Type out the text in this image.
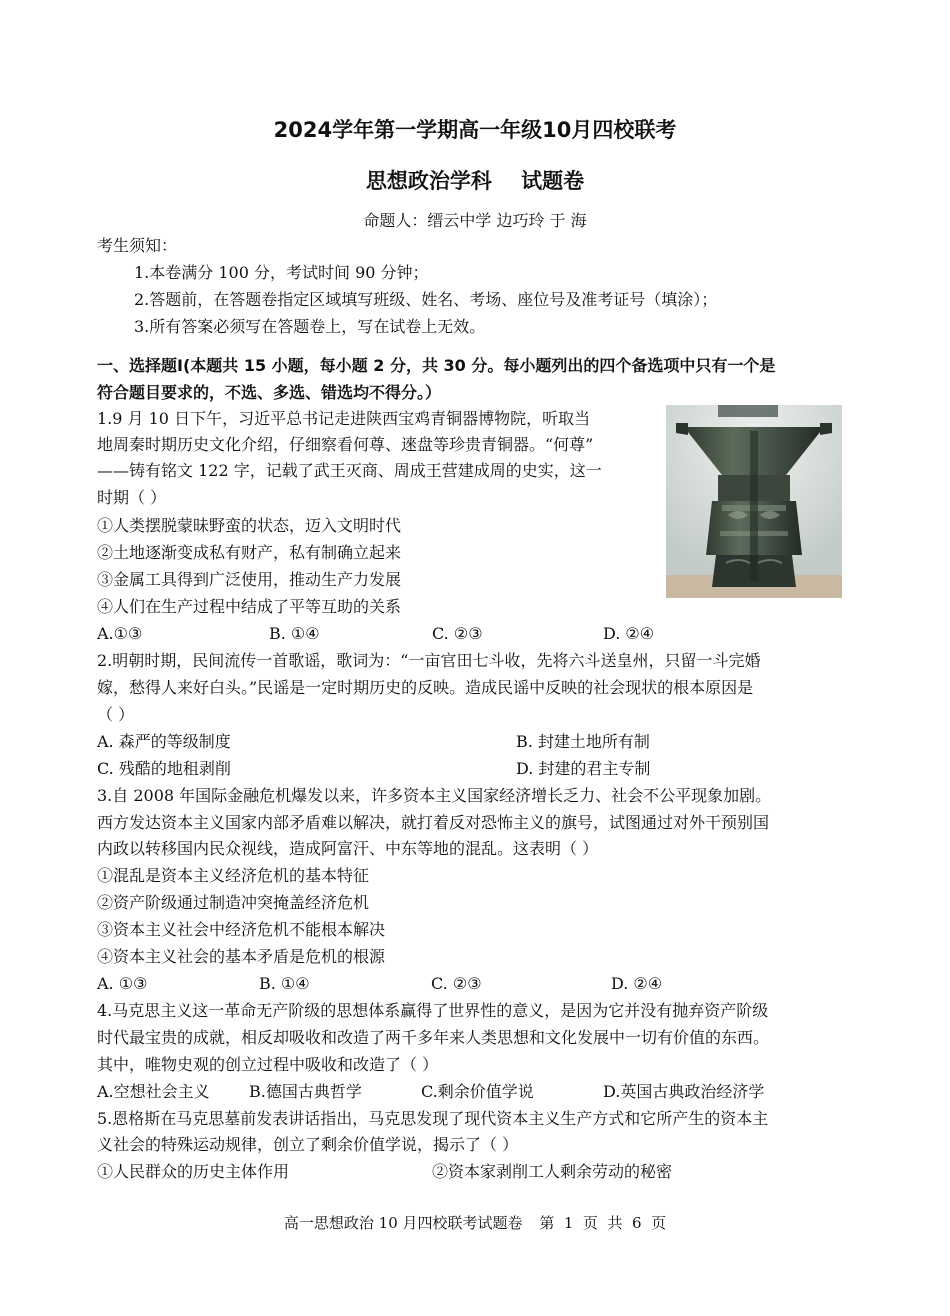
2024学年第一学期高一年级10月四校联考
思想政治学科    试题卷
命题人：缙云中学 边巧玲 于 海
考生须知：
1.本卷满分 100 分，考试时间 90 分钟；
2.答题前，在答题卷指定区域填写班级、姓名、考场、座位号及准考证号（填涂）；
3.所有答案必须写在答题卷上，写在试卷上无效。
一、选择题Ⅰ(本题共 15 小题，每小题 2 分，共 30 分。每小题列出的四个备选项中只有一个是
符合题目要求的，不选、多选、错选均不得分。）
1.9 月 10 日下午，习近平总书记走进陕西宝鸡青铜器博物院，听取当
地周秦时期历史文化介绍，仔细察看何尊、逨盘等珍贵青铜器。“何尊”
——铸有铭文 122 字，记载了武王灭商、周成王营建成周的史实，这一
时期（ ）
①人类摆脱蒙昧野蛮的状态，迈入文明时代
②土地逐渐变成私有财产，私有制确立起来
③金属工具得到广泛使用，推动生产力发展
④人们在生产过程中结成了平等互助的关系
A.①③	B. ①④	C. ②③	D. ②④
2.明朝时期，民间流传一首歌谣，歌词为：“一亩官田七斗收，先将六斗送皇州，只留一斗完婚
嫁，愁得人来好白头。”民谣是一定时期历史的反映。造成民谣中反映的社会现状的根本原因是
（ ）
A. 森严的等级制度	B. 封建土地所有制
C. 残酷的地租剥削	D. 封建的君主专制
3.自 2008 年国际金融危机爆发以来，许多资本主义国家经济增长乏力、社会不公平现象加剧。
西方发达资本主义国家内部矛盾难以解决，就打着反对恐怖主义的旗号，试图通过对外干预别国
内政以转移国内民众视线，造成阿富汗、中东等地的混乱。这表明（ ）
①混乱是资本主义经济危机的基本特征
②资产阶级通过制造冲突掩盖经济危机
③资本主义社会中经济危机不能根本解决
④资本主义社会的基本矛盾是危机的根源
A. ①③	B. ①④	C. ②③	D. ②④
4.马克思主义这一革命无产阶级的思想体系赢得了世界性的意义，是因为它并没有抛弃资产阶级
时代最宝贵的成就，相反却吸收和改造了两千多年来人类思想和文化发展中一切有价值的东西。
其中，唯物史观的创立过程中吸收和改造了（ ）
A.空想社会主义 B.德国古典哲学	C.剩余价值学说	D.英国古典政治经济学
5.恩格斯在马克思墓前发表讲话指出，马克思发现了现代资本主义生产方式和它所产生的资本主
义社会的特殊运动规律，创立了剩余价值学说，揭示了（ ）
①人民群众的历史主体作用	②资本家剥削工人剩余劳动的秘密
高一思想政治 10 月四校联考试题卷 第  1  页  共  6  页
